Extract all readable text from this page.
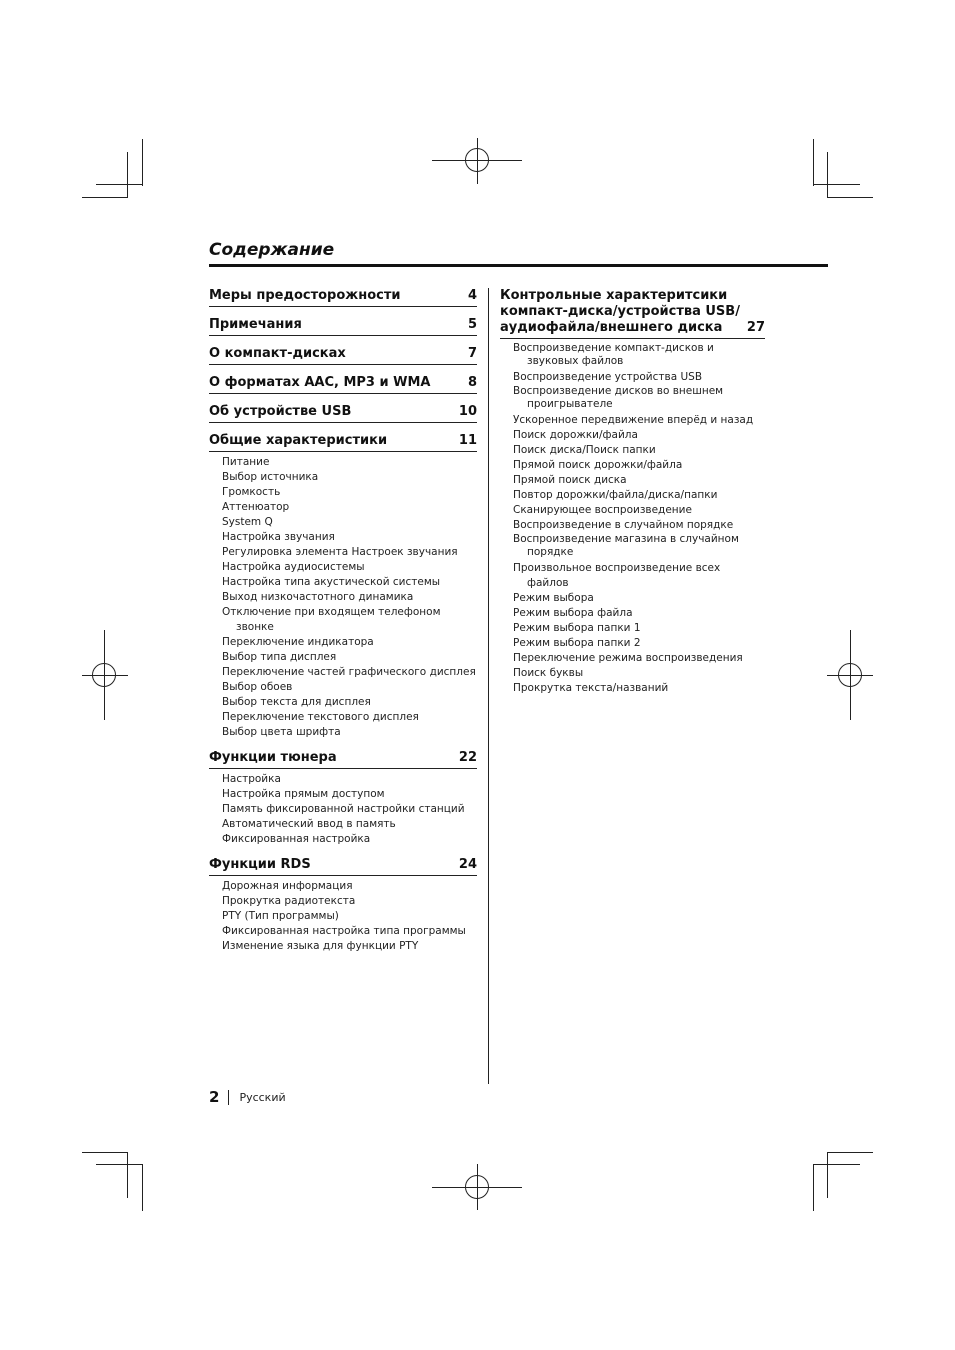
Содержание
Меры предосторожности	4
Примечания	5
О компакт-дисках	7
О форматах AAC, MP3 и WMA	8
Об устройстве USB	10
Общие характеристики	11
Питание
Выбор источника
Громкость
Аттенюатор
System Q
Настройка звучания
Регулировка элемента Настроек звучания
Настройка аудиосистемы
Настройка типа акустической системы
Выход низкочастотного динамика
Отключение при входящем телефоном звонке
Переключение индикатора
Выбор типа дисплея
Переключение частей графического дисплея
Выбор обоев
Выбор текста для дисплея
Переключение текстового дисплея
Выбор цвета шрифта
Функции тюнера	22
Настройка
Настройка прямым доступом
Память фиксированной настройки станций
Автоматический ввод в память
Фиксированная настройка
Функции RDS	24
Дорожная информация
Прокрутка радиотекста
PTY (Тип программы)
Фиксированная настройка типа программы
Изменение языка для функции PTY
Контрольные характеритсики
компакт-диска/устройства USB/
аудиофайла/внешнего диска	27
Воспроизведение компакт-дисков и звуковых файлов
Воспроизведение устройства USB
Воспроизведение дисков во внешнем проигрывателе
Ускоренное передвижение вперёд и назад
Поиск дорожки/файла
Поиск диска/Поиск папки
Прямой поиск дорожки/файла
Прямой поиск диска
Повтор дорожки/файла/диска/папки
Сканирующее воспроизведение
Воспроизведение в случайном порядке
Воспроизведение магазина в случайном порядке
Произвольное воспроизведение всех файлов
Режим выбора
Режим выбора файла
Режим выбора папки 1
Режим выбора папки 2
Переключение режима воспроизведения
Поиск буквы
Прокрутка текста/названий
2 Русский
